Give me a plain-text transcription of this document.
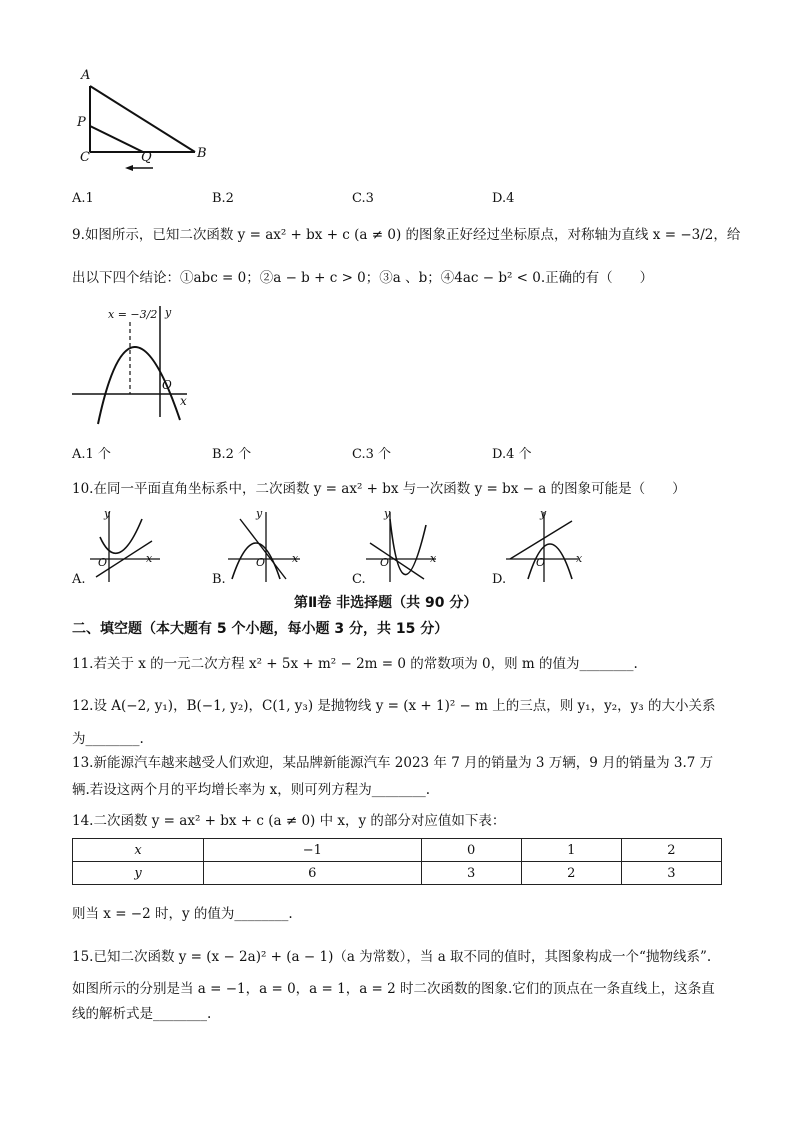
A
P
C	Q	B
A.1	B.2	C.3	D.4
9.如图所示，已知二次函数 y = ax² + bx + c (a ≠ 0) 的图象正好经过坐标原点，对称轴为直线 x = −3/2，给
出以下四个结论：①abc = 0；②a − b + c > 0；③a 、b；④4ac − b² < 0.正确的有（　　）
x = −3/2 y
O
x
A.1 个	B.2 个	C.3 个	D.4 个
10.在同一平面直角坐标系中，二次函数 y = ax² + bx 与一次函数 y = bx − a 的图象可能是（　　）
y
O	x
y
O x
y
O	x
y
O	x
A.	B.	C.	D.
第Ⅱ卷 非选择题（共 90 分）
二、填空题（本大题有 5 个小题，每小题 3 分，共 15 分）
11.若关于 x 的一元二次方程 x² + 5x + m² − 2m = 0 的常数项为 0，则 m 的值为________.
12.设 A(−2, y₁)，B(−1, y₂)，C(1, y₃) 是抛物线 y = (x + 1)² − m 上的三点，则 y₁，y₂，y₃ 的大小关系
为________.
13.新能源汽车越来越受人们欢迎，某品牌新能源汽车 2023 年 7 月的销量为 3 万辆，9 月的销量为 3.7 万
辆.若设这两个月的平均增长率为 x，则可列方程为________.
14.二次函数 y = ax² + bx + c (a ≠ 0) 中 x，y 的部分对应值如下表：
x	−1	0	1	2
y	6	3	2	3
则当 x = −2 时，y 的值为________.
15.已知二次函数 y = (x − 2a)² + (a − 1)（a 为常数），当 a 取不同的值时，其图象构成一个“抛物线系”.
如图所示的分别是当 a = −1，a = 0，a = 1，a = 2 时二次函数的图象.它们的顶点在一条直线上，这条直
线的解析式是________.
